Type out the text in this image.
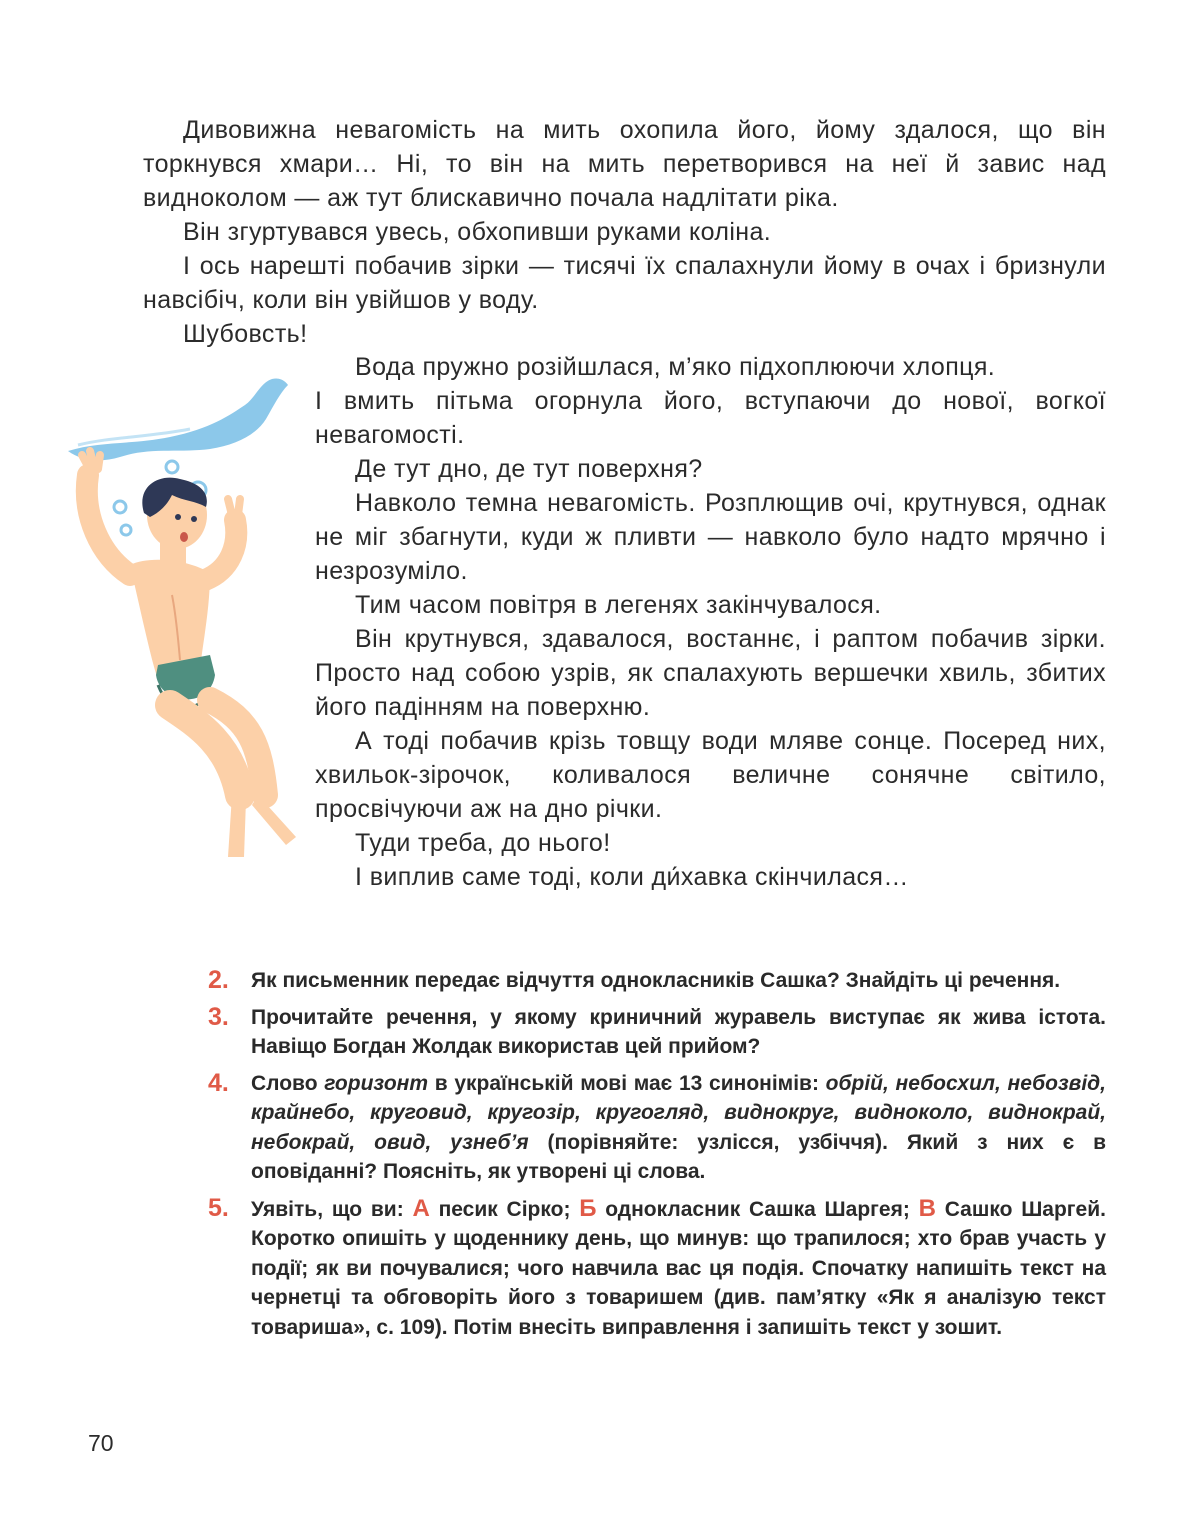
Дивовижна невагомість на мить охопила його, йому здалося, що він торкнувся хмари… Ні, то він на мить перетворився на неї й завис над видноколом — аж тут блискавично почала надлітати ріка.

Він згуртувався увесь, обхопивши руками коліна.

І ось нарешті побачив зірки — тисячі їх спалахнули йому в очах і бризнули навсібіч, коли він увійшов у воду.

Шубовсть!

Вода пружно розійшлася, м’яко підхоплюючи хлопця.

І вмить пітьма огорнула його, вступаючи до нової, вогкої невагомості.

Де тут дно, де тут поверхня?

Навколо темна невагомість. Розплющив очі, крутнувся, однак не міг збагнути, куди ж пливти — навколо було надто мрячно і незрозуміло.

Тим часом повітря в легенях закінчувалося.

Він крутнувся, здавалося, востаннє, і раптом побачив зірки. Просто над собою узрів, як спалахують вершечки хвиль, збитих його падінням на поверхню.

А тоді побачив крізь товщу води мляве сонце. Посеред них, хвильок-зірочок, коливалося величне сонячне світило, просвічуючи аж на дно річки.

Туди треба, до нього!

І виплив саме тоді, коли ди́хавка скінчилася…

2. Як письменник передає відчуття однокласників Сашка? Знайдіть ці речення.
3. Прочитайте речення, у якому криничний журавель виступає як жива істота. Навіщо Богдан Жолдак використав цей прийом?
4. Слово горизонт в українській мові має 13 синонімів: обрій, небосхил, небозвід, крайнебо, круговид, кругозір, кругогляд, виднокруг, видноколо, виднокрай, небокрай, овид, узнеб’я (порівняйте: узлісся, узбіччя). Який з них є в оповіданні? Поясніть, як утворені ці слова.
5. Уявіть, що ви: А песик Сірко; Б однокласник Сашка Шаргея; В Сашко Шаргей. Коротко опишіть у щоденнику день, що минув: що трапилося; хто брав участь у події; як ви почувалися; чого навчила вас ця подія. Спочатку напишіть текст на чернетці та обговоріть його з товаришем (див. пам’ятку «Як я аналізую текст товариша», с. 109). Потім внесіть виправлення і запишіть текст у зошит.
70
